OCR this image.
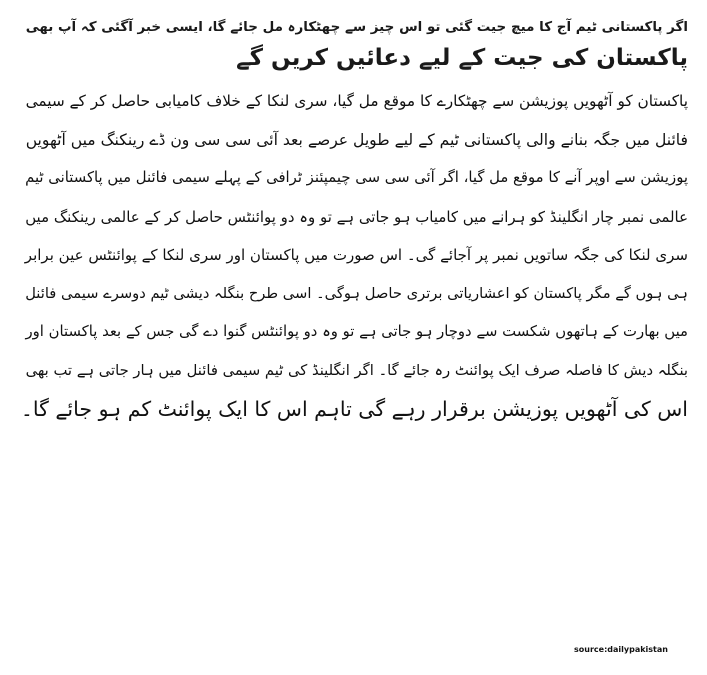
اگر پاکستانی ٹیم آج کا میچ جیت گئی تو اس چیز سے چھٹکارہ مل جائے گا، ایسی خبر آگئی کہ آپ بھی
پاکستان کی جیت کے لیے دعائیں کریں گے

پاکستان کو آٹھویں پوزیشن سے چھٹکارے کا موقع مل گیا، سری لنکا کے خلاف کامیابی حاصل کر کے سیمی
فائنل میں جگہ بنانے والی پاکستانی ٹیم کے لیے طویل عرصے بعد آئی سی سی ون ڈے رینکنگ میں آٹھویں
پوزیشن سے اوپر آنے کا موقع مل گیا، اگر آئی سی سی چیمپئنز ٹرافی کے پہلے سیمی فائنل میں پاکستانی ٹیم
عالمی نمبر چار انگلینڈ کو ہرانے میں کامیاب ہو جاتی ہے تو وہ دو پوائنٹس حاصل کر کے عالمی رینکنگ میں
سری لنکا کی جگہ ساتویں نمبر پر آجائے گی۔ اس صورت میں پاکستان اور سری لنکا کے پوائنٹس عین برابر
ہی ہوں گے مگر پاکستان کو اعشاریاتی برتری حاصل ہوگی۔ اسی طرح بنگلہ دیشی ٹیم دوسرے سیمی فائنل
میں بھارت کے ہاتھوں شکست سے دوچار ہو جاتی ہے تو وہ دو پوائنٹس گنوا دے گی جس کے بعد پاکستان اور
بنگلہ دیش کا فاصلہ صرف ایک پوائنٹ رہ جائے گا۔ اگر انگلینڈ کی ٹیم سیمی فائنل میں ہار جاتی ہے تب بھی
اس کی آٹھویں پوزیشن برقرار رہے گی تاہم اس کا ایک پوائنٹ کم ہو جائے گا۔

source:dailypakistan
